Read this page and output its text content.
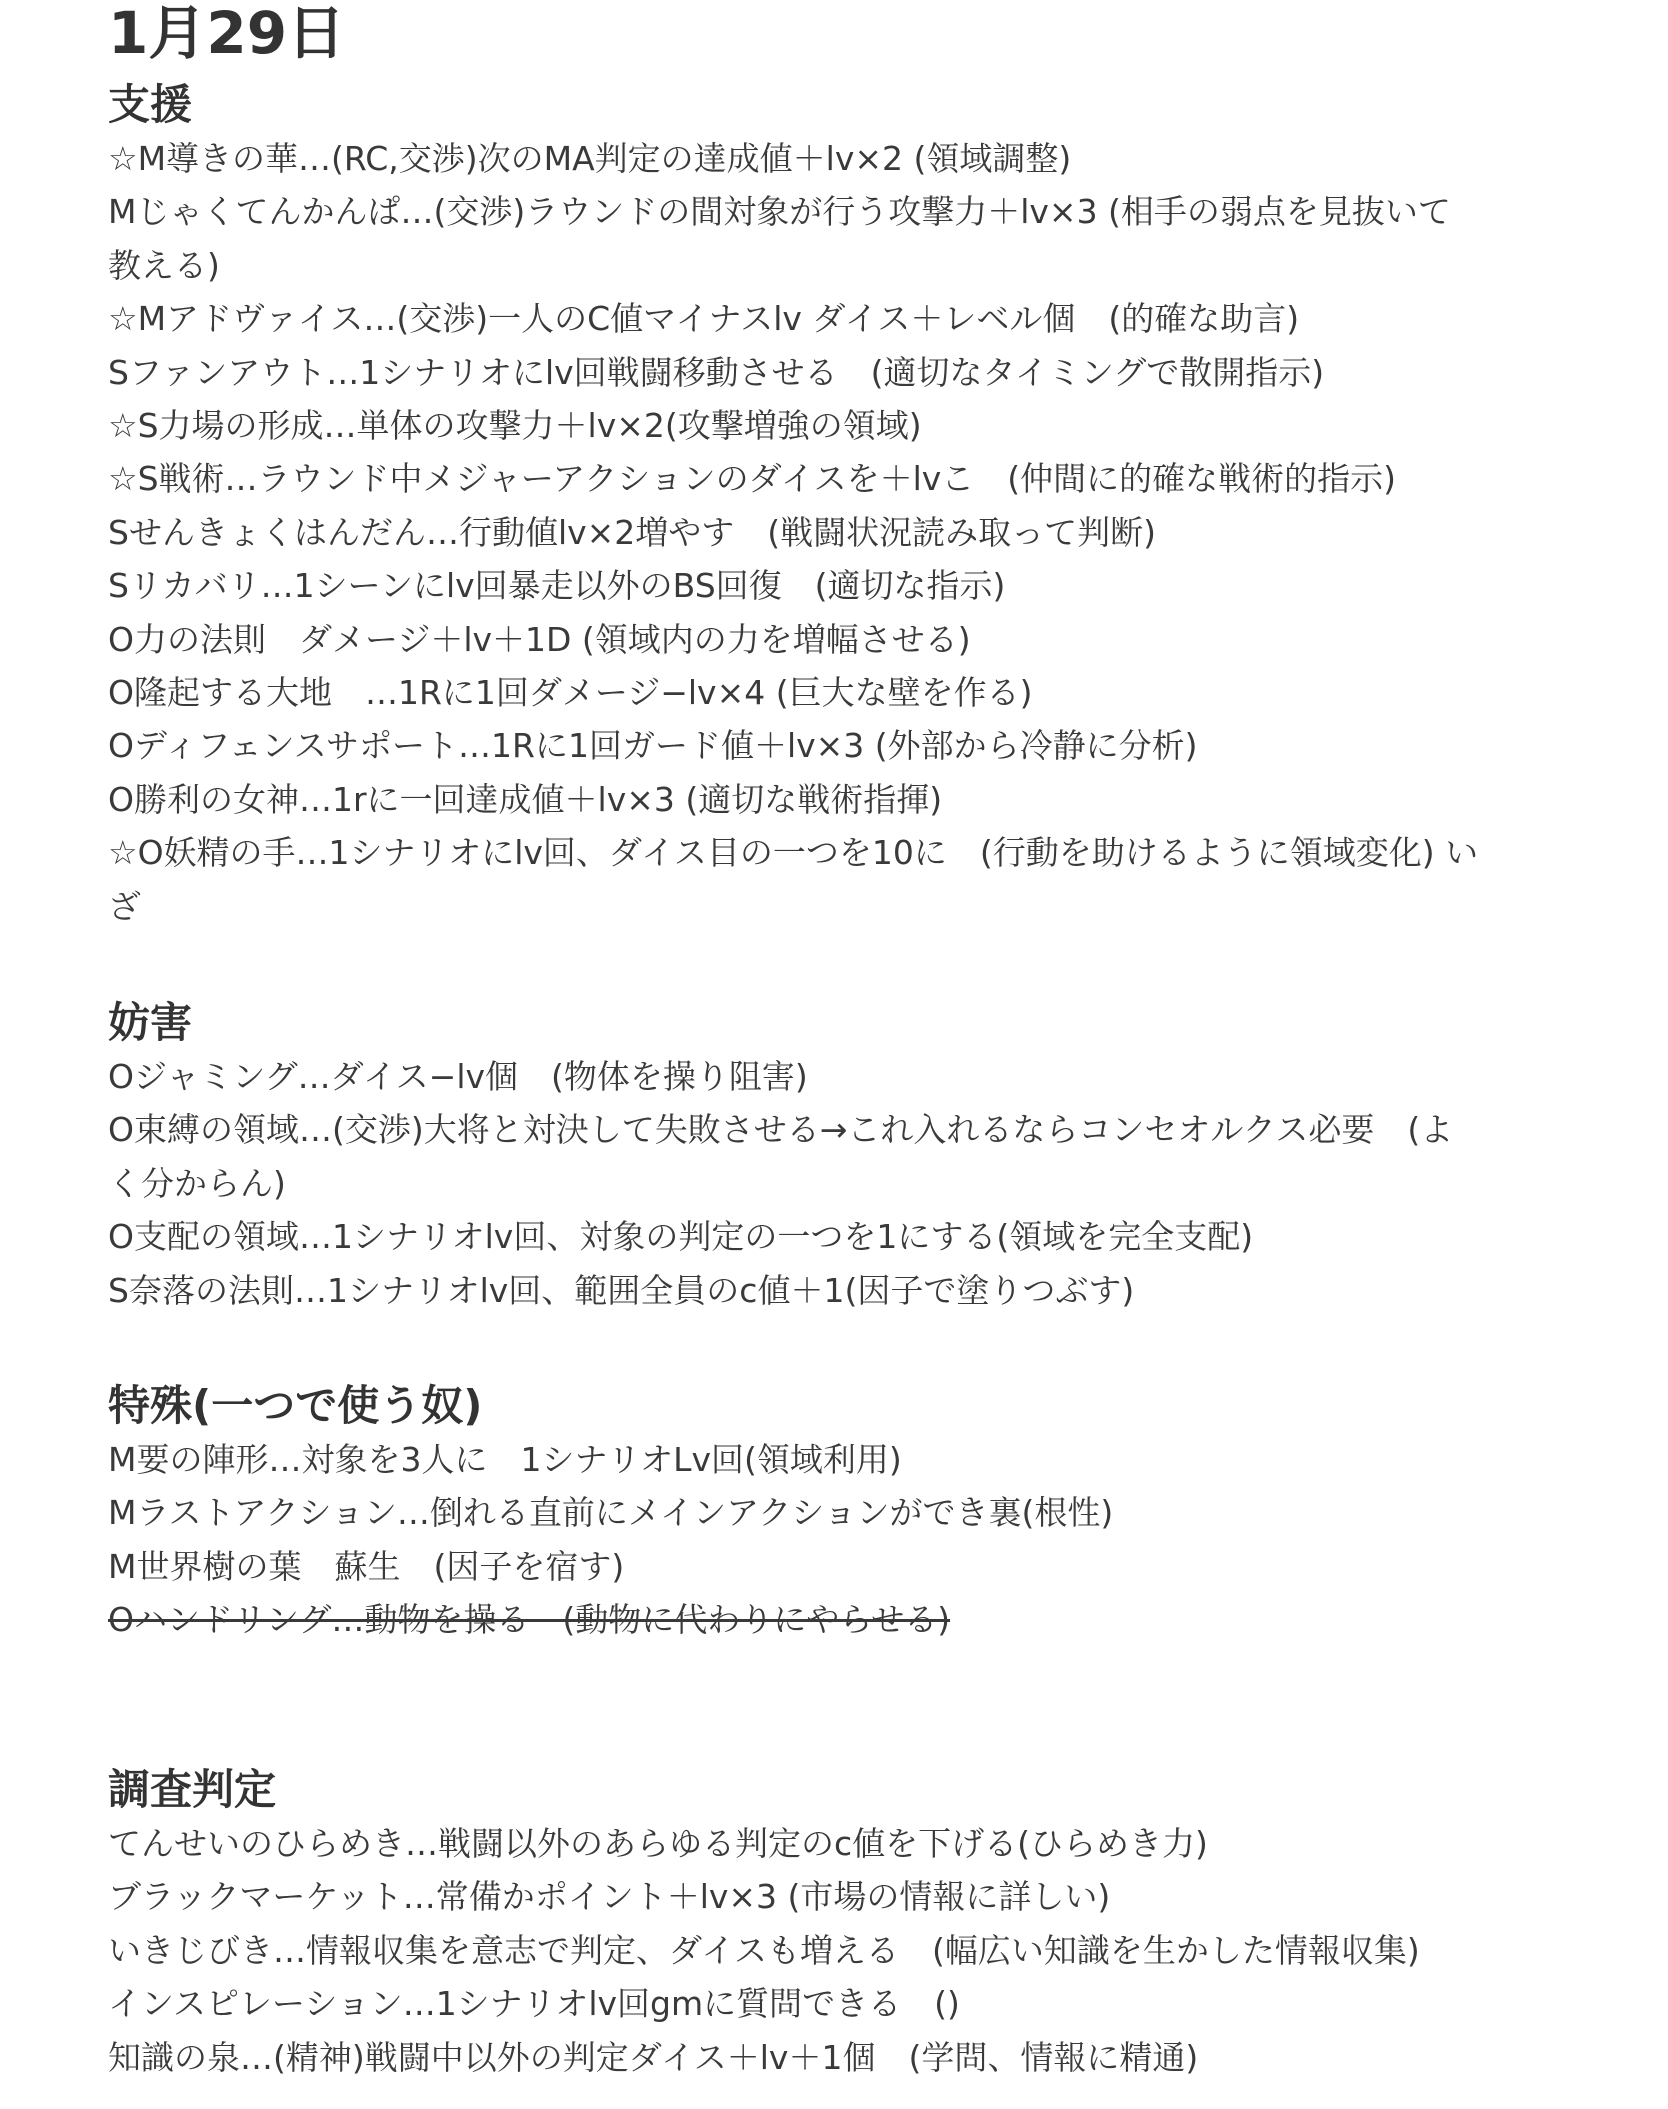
1月29日
支援
☆M導きの華…(RC,交渉)次のMA判定の達成値＋lv×2 (領域調整)
Mじゃくてんかんぱ…(交渉)ラウンドの間対象が行う攻撃力＋lv×3 (相手の弱点を見抜いて
教える)
☆Mアドヴァイス…(交渉)一人のC値マイナスlv ダイス＋レベル個　(的確な助言)
Sファンアウト…1シナリオにlv回戦闘移動させる　(適切なタイミングで散開指示)
☆S力場の形成…単体の攻撃力＋lv×2(攻撃増強の領域)
☆S戦術…ラウンド中メジャーアクションのダイスを＋lvこ　(仲間に的確な戦術的指示)
Sせんきょくはんだん…行動値lv×2増やす　(戦闘状況読み取って判断)
Sリカバリ…1シーンにlv回暴走以外のBS回復　(適切な指示)
O力の法則　ダメージ＋lv＋1D (領域内の力を増幅させる)
O隆起する大地　…1Rに1回ダメージ−lv×4 (巨大な壁を作る)
Oディフェンスサポート…1Rに1回ガード値＋lv×3 (外部から冷静に分析)
O勝利の女神…1rに一回達成値＋lv×3 (適切な戦術指揮)
☆O妖精の手…1シナリオにlv回、ダイス目の一つを10に　(行動を助けるように領域変化) い
ざ
妨害
Oジャミング…ダイス−lv個　(物体を操り阻害)
O束縛の領域…(交渉)大将と対決して失敗させる→これ入れるならコンセオルクス必要　(よ
く分からん)
O支配の領域…1シナリオlv回、対象の判定の一つを1にする(領域を完全支配)
S奈落の法則…1シナリオlv回、範囲全員のc値＋1(因子で塗りつぶす)
特殊(一つで使う奴)
M要の陣形…対象を3人に　1シナリオLv回(領域利用)
Mラストアクション…倒れる直前にメインアクションができ裏(根性)
M世界樹の葉　蘇生　(因子を宿す)
Oハンドリング…動物を操る　(動物に代わりにやらせる)
調査判定
てんせいのひらめき…戦闘以外のあらゆる判定のc値を下げる(ひらめき力)
ブラックマーケット…常備かポイント＋lv×3 (市場の情報に詳しい)
いきじびき…情報収集を意志で判定、ダイスも増える　(幅広い知識を生かした情報収集)
インスピレーション…1シナリオlv回gmに質問できる　()
知識の泉…(精神)戦闘中以外の判定ダイス＋lv＋1個　(学問、情報に精通)
